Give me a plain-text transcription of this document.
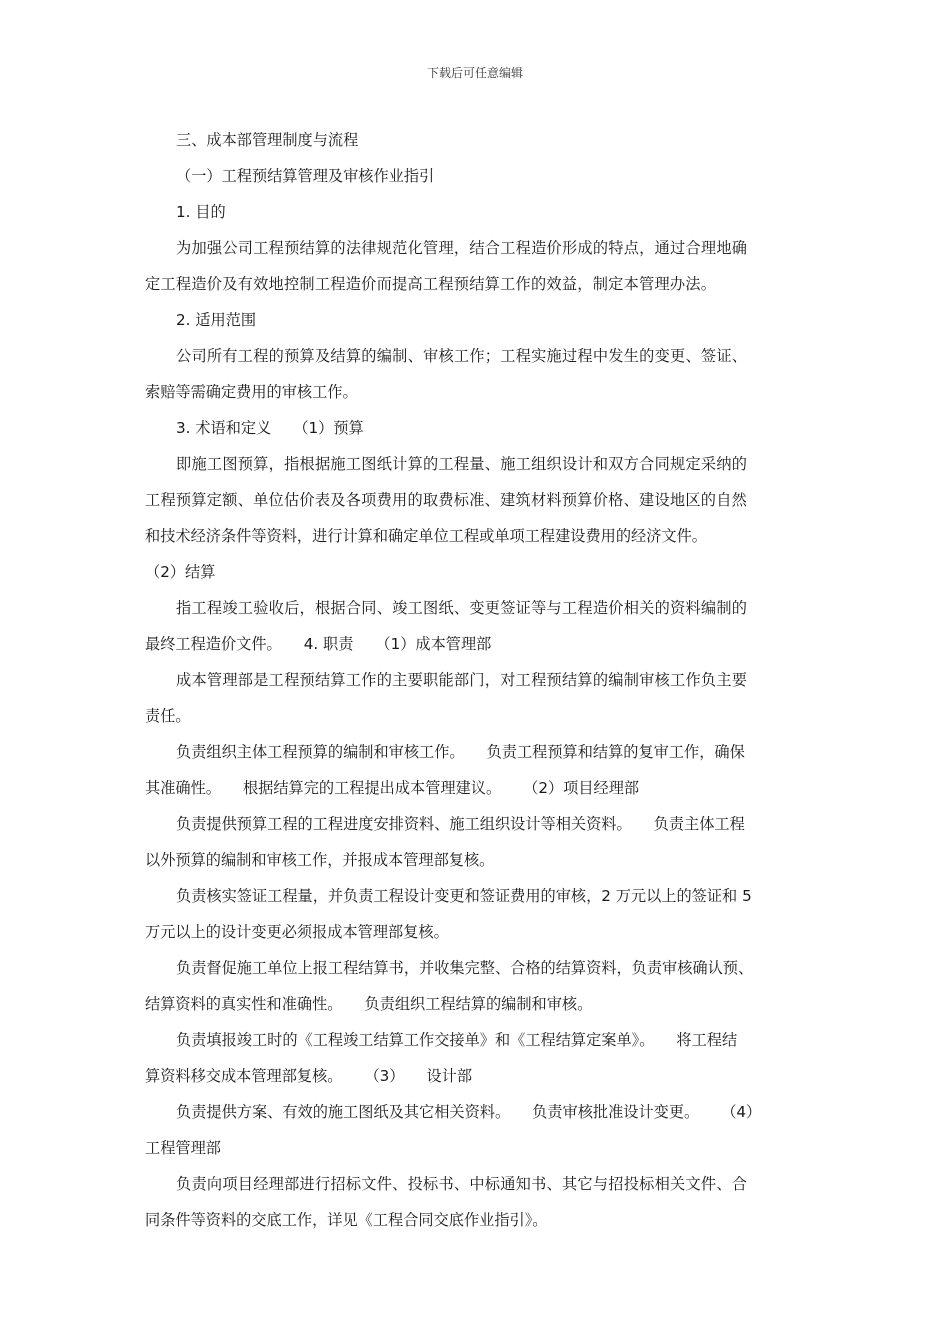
下载后可任意编辑

三、成本部管理制度与流程

（一）工程预结算管理及审核作业指引

1. 目的

为加强公司工程预结算的法律规范化管理，结合工程造价形成的特点，通过合理地确

定工程造价及有效地控制工程造价而提高工程预结算工作的效益，制定本管理办法。

2. 适用范围

公司所有工程的预算及结算的编制、审核工作；工程实施过程中发生的变更、签证、

索赔等需确定费用的审核工作。

3. 术语和定义 （1）预算

即施工图预算，指根据施工图纸计算的工程量、施工组织设计和双方合同规定采纳的

工程预算定额、单位估价表及各项费用的取费标准、建筑材料预算价格、建设地区的自然

和技术经济条件等资料，进行计算和确定单位工程或单项工程建设费用的经济文件。

（2）结算

指工程竣工验收后，根据合同、竣工图纸、变更签证等与工程造价相关的资料编制的

最终工程造价文件。 4. 职责 （1）成本管理部

成本管理部是工程预结算工作的主要职能部门，对工程预结算的编制审核工作负主要

责任。

负责组织主体工程预算的编制和审核工作。 负责工程预算和结算的复审工作，确保

其准确性。 根据结算完的工程提出成本管理建议。 （2）项目经理部

负责提供预算工程的工程进度安排资料、施工组织设计等相关资料。 负责主体工程

以外预算的编制和审核工作，并报成本管理部复核。

负责核实签证工程量，并负责工程设计变更和签证费用的审核，2 万元以上的签证和 5

万元以上的设计变更必须报成本管理部复核。

负责督促施工单位上报工程结算书，并收集完整、合格的结算资料，负责审核确认预、

结算资料的真实性和准确性。 负责组织工程结算的编制和审核。

负责填报竣工时的《工程竣工结算工作交接单》和《工程结算定案单》。 将工程结

算资料移交成本管理部复核。 （3） 设计部

负责提供方案、有效的施工图纸及其它相关资料。 负责审核批准设计变更。 （4）

工程管理部

负责向项目经理部进行招标文件、投标书、中标通知书、其它与招投标相关文件、合

同条件等资料的交底工作，详见《工程合同交底作业指引》。
